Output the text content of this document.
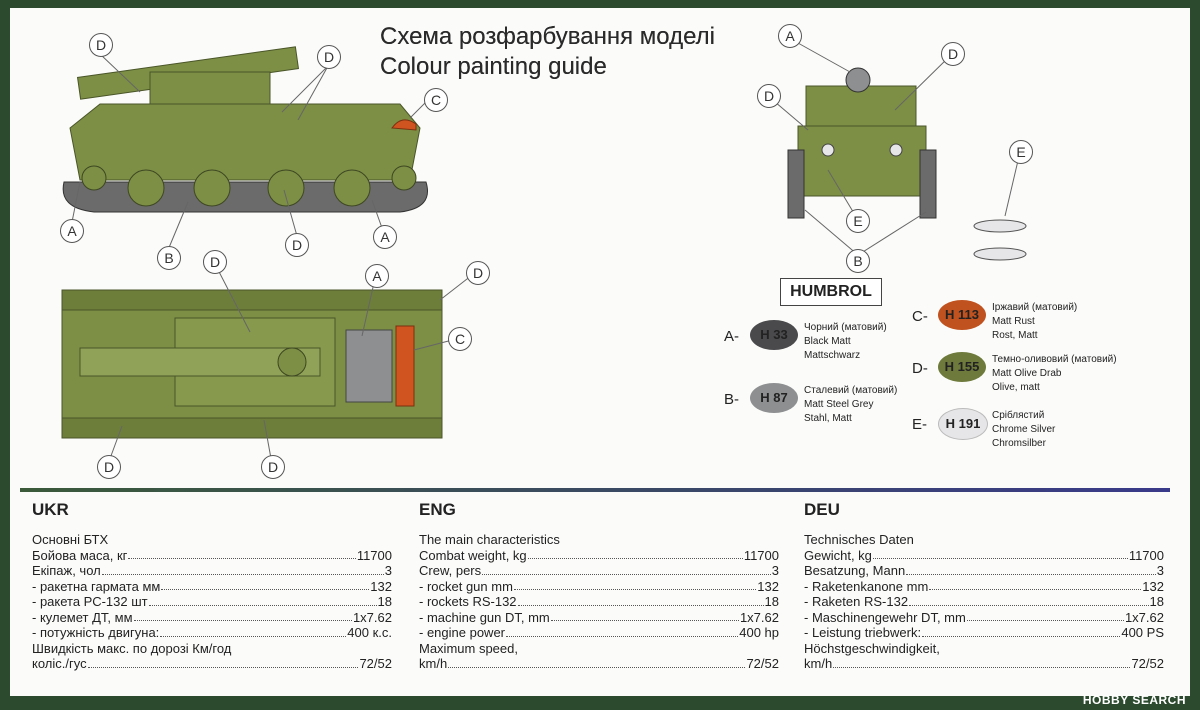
Схема розфарбування моделі
Colour painting guide
D
D
C
A
B
D	A
A
D
D
E
E
B
D
A	D
C
D	D
HUMBROL
A-	H 33	Чорний (матовий)
Black Matt
Mattschwarz
B-	H 87	Сталевий (матовий)
Matt Steel Grey
Stahl, Matt
C-	H 113	Іржавий (матовий)
Matt Rust
Rost, Matt
D-	H 155	Темно-оливовий (матовий)
Matt Olive Drab
Olive, matt
E-	H 191
Сріблястий
Chrome Silver
Chromsilber
UKR
Основні БТХ
Бойова маса, кг	11700
Екіпаж, чол	3
- ракетна гармата мм	132
- ракета РС-132 шт	18
- кулемет ДТ, мм	1x7.62
- потужність двигуна:	400 к.с.
Швидкість макс. по дорозі Км/год
колiс./гус	72/52
ENG
The main characteristics
Combat weight, kg	11700
Crew, pers	3
- rocket gun mm	132
- rockets RS-132	18
- machine gun DT, mm	1x7.62
- engine power	400 hp
Maximum speed,
km/h	72/52
DEU
Technisches Daten
Gewicht, kg	11700
Besatzung, Mann	3
- Raketenkanone mm	132
- Raketen RS-132	18
- Maschinengewehr DT, mm	1x7.62
- Leistung triebwerk:	400 PS
Höchstgeschwindigkeit,
km/h	72/52
HOBBY SEARCH
